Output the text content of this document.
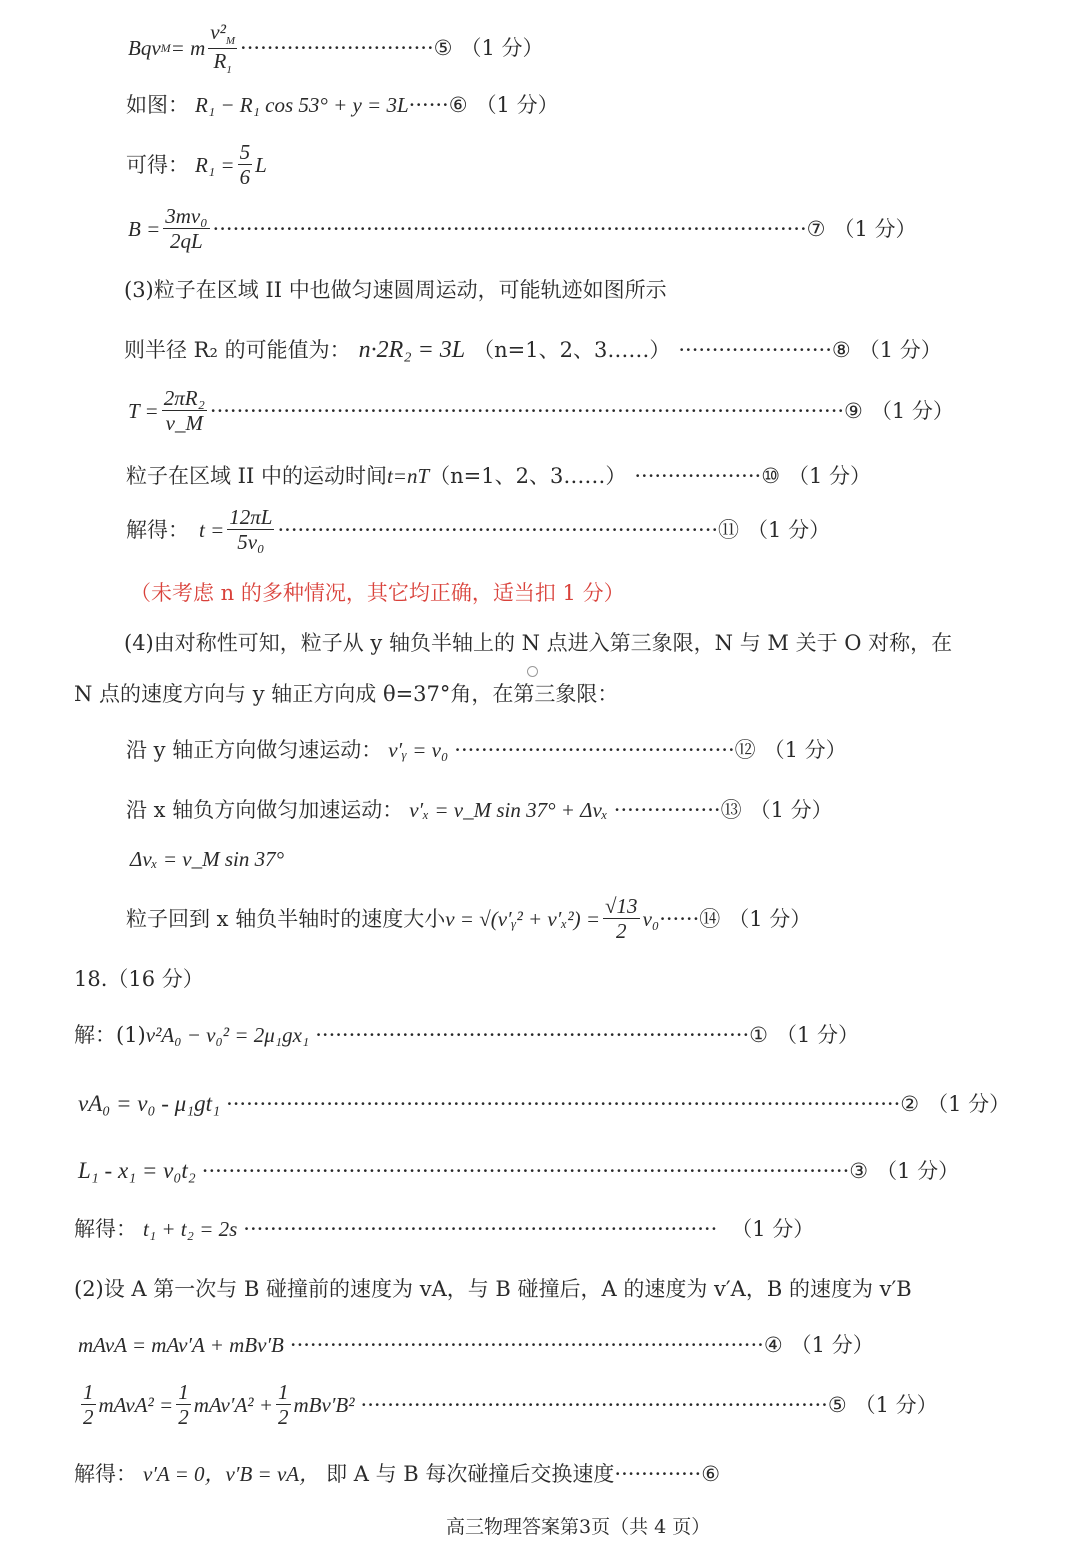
Bqv M = m $\frac{v^2_M}{R_1}$ ····························· ⑤ （1 分）
如图： R₁ − R₁ cos 53° + y = 3L ······ ⑥ （1 分）
可得： $R_1 = \frac{5}{6}$ L
$B = \frac{\text{3mv₀}}{2qL}$ ························································································· ⑦ （1 分）
(3)粒子在区域 II 中也做匀速圆周运动，可能轨迹如图所示
则半径 R₂ 的可能值为： n·2R₂ = 3L （n=1、2、3……） ······················· ⑧ （1 分）
$T = \frac{\text{2πR₂}}{v\_M}$ ······························································································· ⑨ （1 分）
粒子在区域 II 中的运动时间 t=nT （n=1、2、3……） ··················· ⑩ （1 分）
解得： $t = \frac{12\pi L}{\text{5v₀}}$ ·································································· ⑪ （1 分）
（未考虑 n 的多种情况，其它均正确，适当扣 1 分）
(4)由对称性可知，粒子从 y 轴负半轴上的 N 点进入第三象限，N 与 M 关于 O 对称，在
N 点的速度方向与 y 轴正方向成 θ=37°角，在第三象限：
沿 y 轴正方向做匀速运动： v′ᵧ = v₀ ·········································· ⑫ （1 分）
沿 x 轴负方向做匀加速运动： v′ₓ = v_M sin 37° + Δvₓ ················ ⑬ （1 分）
Δvₓ = v_M sin 37°
粒子回到 x 轴负半轴时的速度大小 v = √(v′ᵧ² + $v'_x^2) = \frac{√13}{2} v_0$ ······ ⑭ （1 分）
18.（16 分）
解：(1) v²A₀ − v₀² = 2μ₁gx₁ ································································· ① （1 分）
vA₀ = v₀ - μ₁gt₁ ····································································································· ② （1 分）
L₁ - x₁ = v₀t₂ ································································································· ③ （1 分）
解得： t₁ + t₂ = 2s ······································································· （1 分）
(2)设 A 第一次与 B 碰撞前的速度为 vA，与 B 碰撞后，A 的速度为 v′A，B 的速度为 v′B
mAvA = mAv′A + mBv′B ······································································· ④ （1 分）
$\frac{1}{2}$ mAvA² = $\frac{1}{2} mAv'A^2 + \frac{1}{2} mBv'B^2$ ······································································ ⑤ （1 分）
解得： v′A = 0，v′B = vA， 即 A 与 B 每次碰撞后交换速度 ············· ⑥
高三物理答案第3页（共 4 页）
